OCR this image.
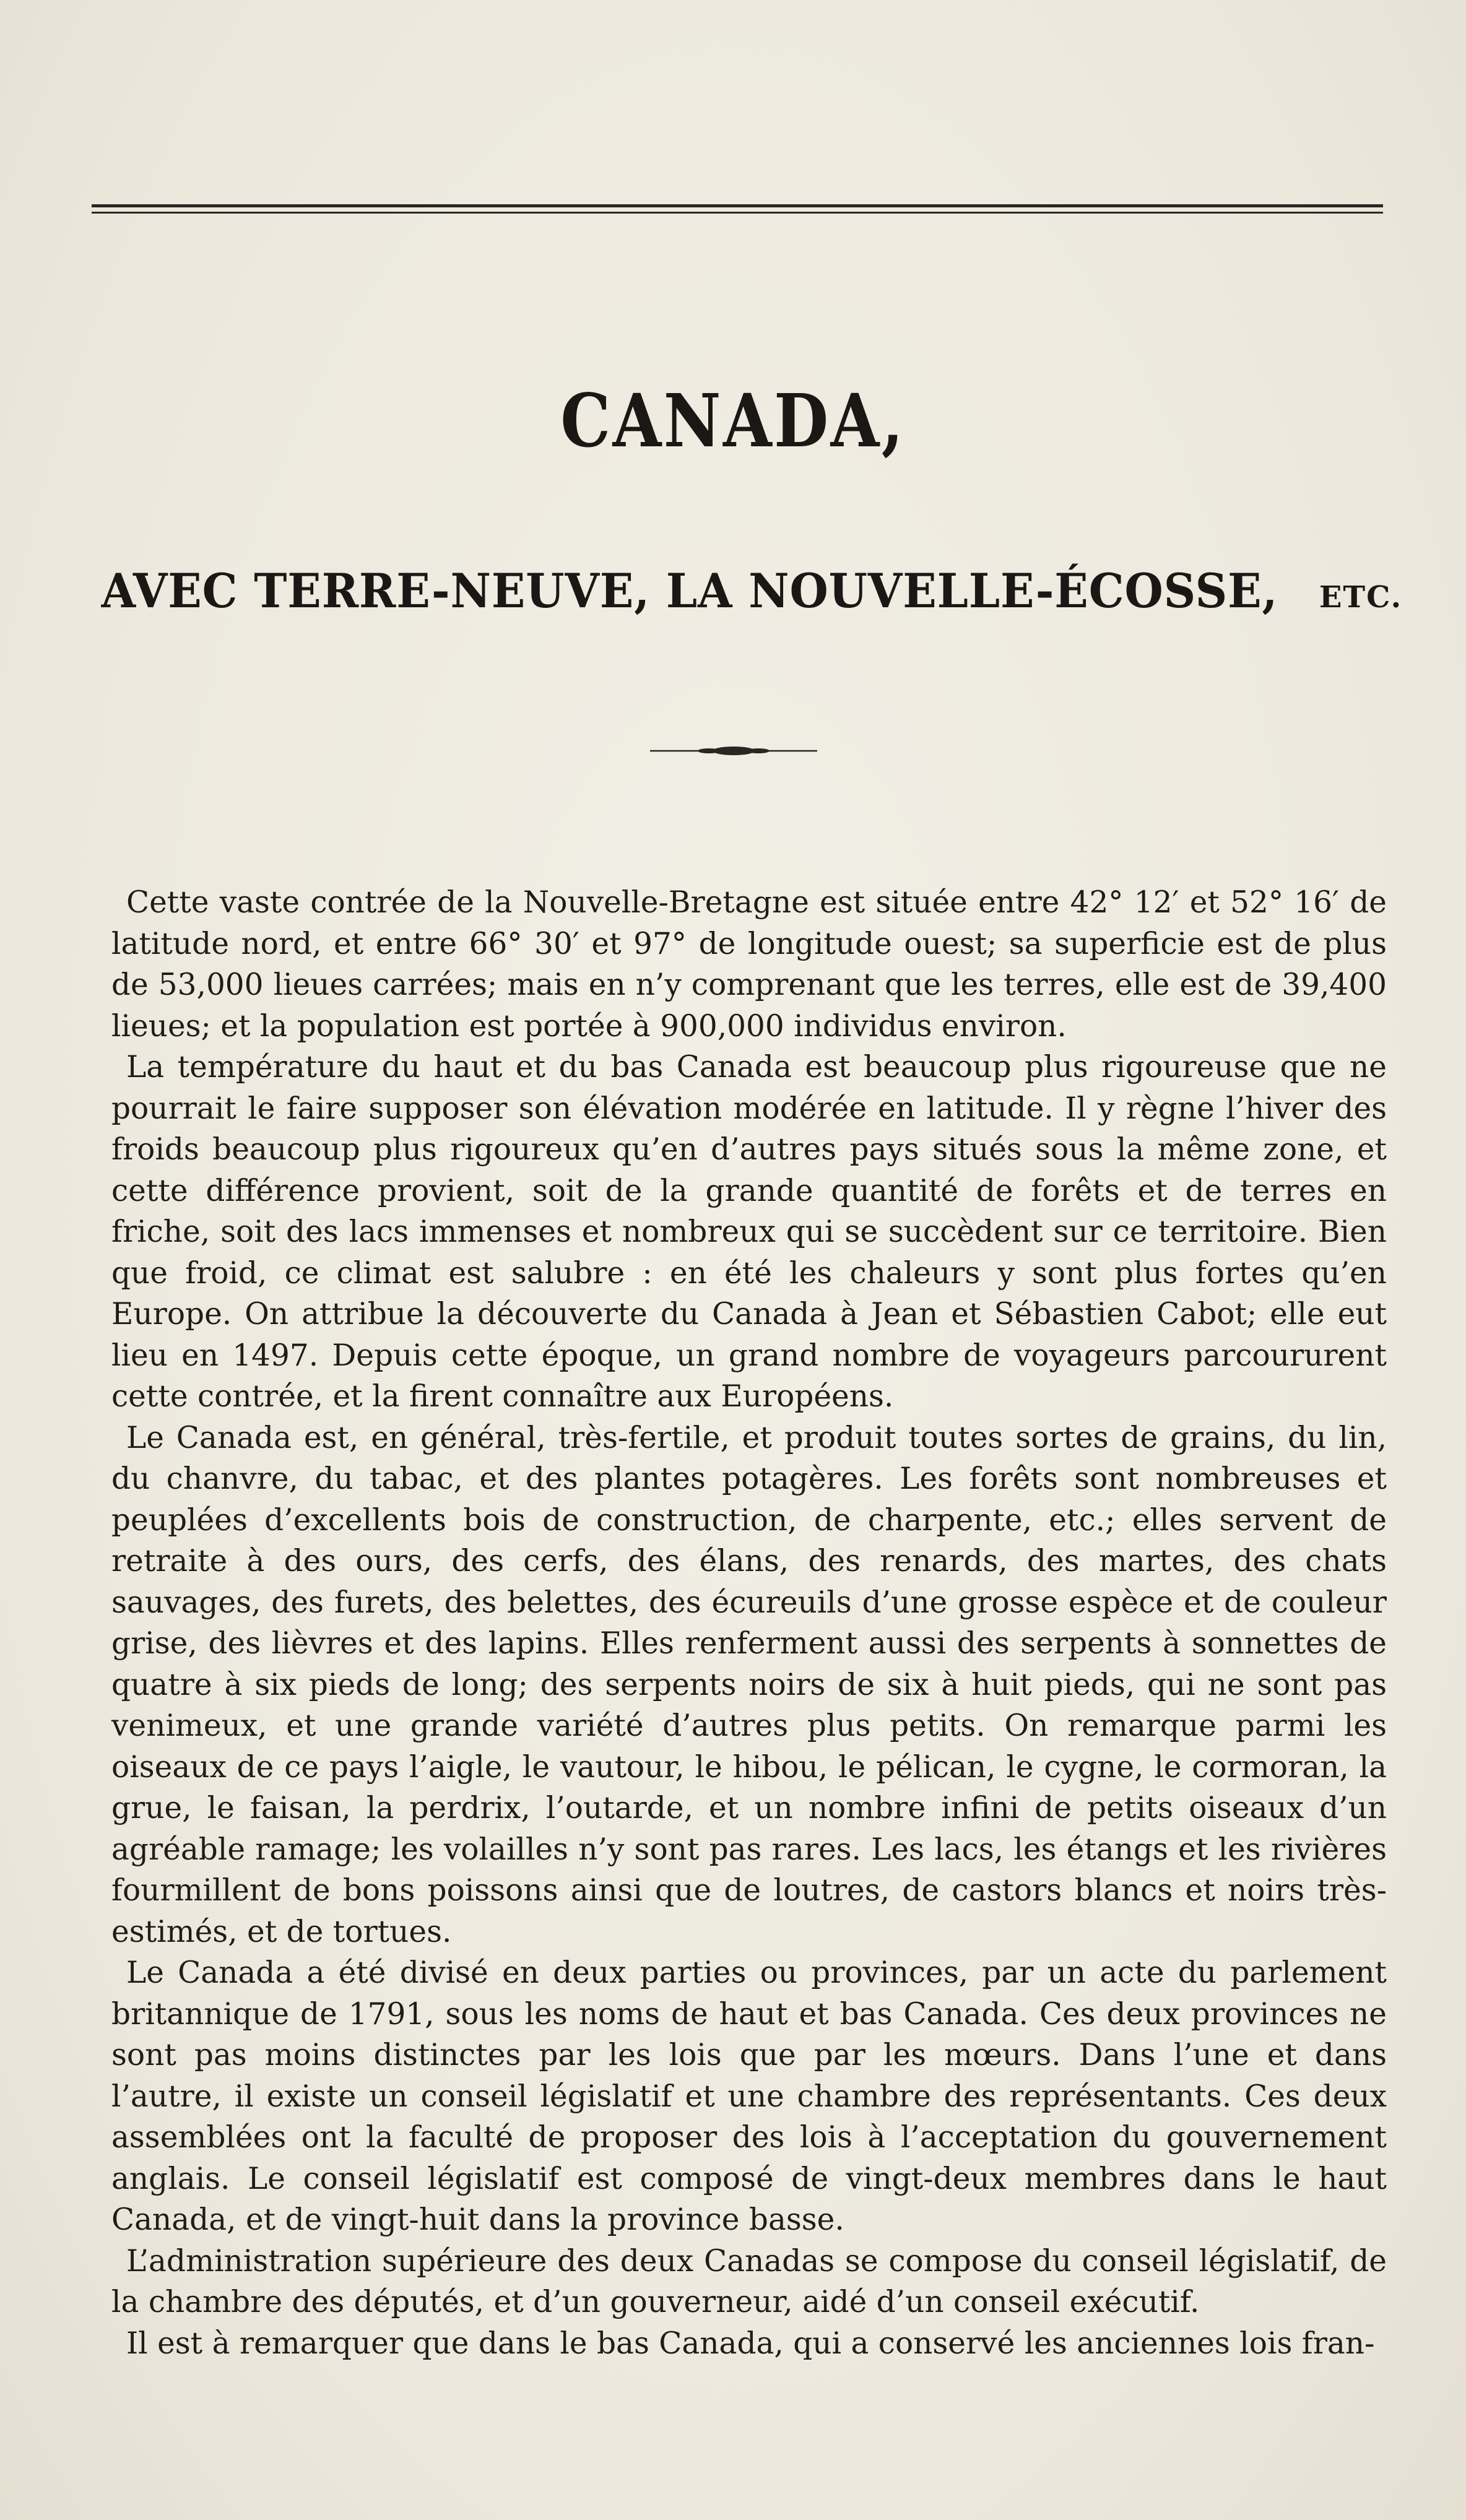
CANADA,
AVEC TERRE-NEUVE, LA NOUVELLE-ÉCOSSE, ETC.

Cette vaste contrée de la Nouvelle-Bretagne est située entre 42° 12′ et 52° 16′ de latitude nord, et entre 66° 30′ et 97° de longitude ouest; sa superficie est de plus de 53,000 lieues carrées; mais en n’y comprenant que les terres, elle est de 39,400 lieues; et la population est portée à 900,000 individus environ.

La température du haut et du bas Canada est beaucoup plus rigoureuse que ne pourrait le faire supposer son élévation modérée en latitude. Il y règne l’hiver des froids beaucoup plus rigoureux qu’en d’autres pays situés sous la même zone, et cette différence provient, soit de la grande quantité de forêts et de terres en friche, soit des lacs immenses et nombreux qui se succèdent sur ce territoire. Bien que froid, ce climat est salubre : en été les chaleurs y sont plus fortes qu’en Europe. On attribue la découverte du Canada à Jean et Sébastien Cabot; elle eut lieu en 1497. Depuis cette époque, un grand nombre de voyageurs parcoururent cette contrée, et la firent connaître aux Européens.

Le Canada est, en général, très-fertile, et produit toutes sortes de grains, du lin, du chanvre, du tabac, et des plantes potagères. Les forêts sont nombreuses et peuplées d’excellents bois de construction, de charpente, etc.; elles servent de retraite à des ours, des cerfs, des élans, des renards, des martes, des chats sauvages, des furets, des belettes, des écureuils d’une grosse espèce et de couleur grise, des lièvres et des lapins. Elles renferment aussi des serpents à sonnettes de quatre à six pieds de long; des serpents noirs de six à huit pieds, qui ne sont pas venimeux, et une grande variété d’autres plus petits. On remarque parmi les oiseaux de ce pays l’aigle, le vautour, le hibou, le pélican, le cygne, le cormoran, la grue, le faisan, la perdrix, l’outarde, et un nombre infini de petits oiseaux d’un agréable ramage; les volailles n’y sont pas rares. Les lacs, les étangs et les rivières fourmillent de bons poissons ainsi que de loutres, de castors blancs et noirs très-estimés, et de tortues.

Le Canada a été divisé en deux parties ou provinces, par un acte du parlement britannique de 1791, sous les noms de haut et bas Canada. Ces deux provinces ne sont pas moins distinctes par les lois que par les mœurs. Dans l’une et dans l’autre, il existe un conseil législatif et une chambre des représentants. Ces deux assemblées ont la faculté de proposer des lois à l’acceptation du gouvernement anglais. Le conseil législatif est composé de vingt-deux membres dans le haut Canada, et de vingt-huit dans la province basse.

L’administration supérieure des deux Canadas se compose du conseil législatif, de la chambre des députés, et d’un gouverneur, aidé d’un conseil exécutif.

Il est à remarquer que dans le bas Canada, qui a conservé les anciennes lois fran-
